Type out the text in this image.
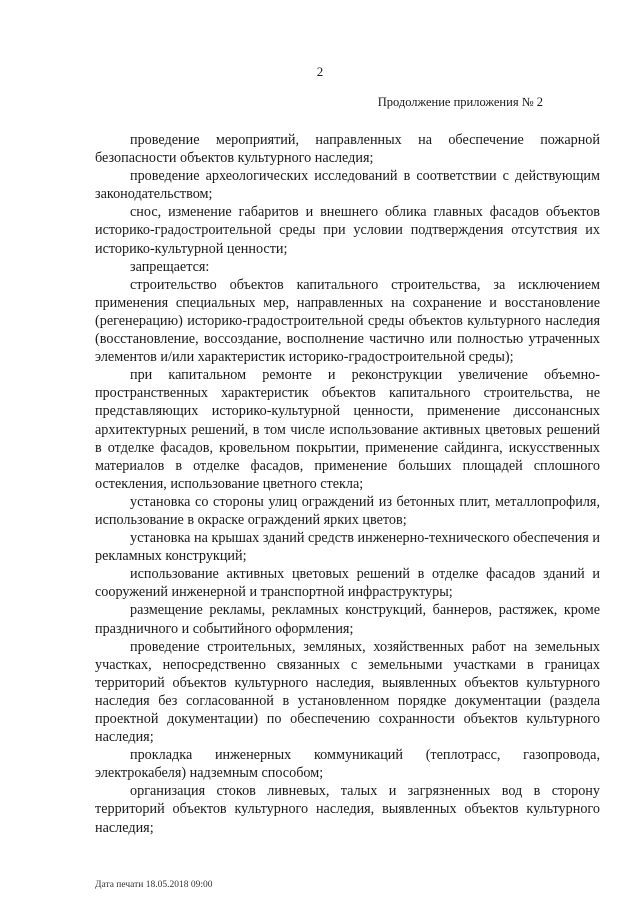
2
Продолжение приложения № 2

проведение мероприятий, направленных на обеспечение пожарной безопасности объектов культурного наследия;

проведение археологических исследований в соответствии с действующим законодательством;

снос, изменение габаритов и внешнего облика главных фасадов объектов историко-градостроительной среды при условии подтверждения отсутствия их историко-культурной ценности;

запрещается:

строительство объектов капитального строительства, за исключением применения специальных мер, направленных на сохранение и восстановление (регенерацию) историко-градостроительной среды объектов культурного наследия (восстановление, воссоздание, восполнение частично или полностью утраченных элементов и/или характеристик историко-градостроительной среды);

при капитальном ремонте и реконструкции увеличение объемно-пространственных характеристик объектов капитального строительства, не представляющих историко-культурной ценности, применение диссонансных архитектурных решений, в том числе использование активных цветовых решений в отделке фасадов, кровельном покрытии, применение сайдинга, искусственных материалов в отделке фасадов, применение больших площадей сплошного остекления, использование цветного стекла;

установка со стороны улиц ограждений из бетонных плит, металлопрофиля, использование в окраске ограждений ярких цветов;

установка на крышах зданий средств инженерно-технического обеспечения и рекламных конструкций;

использование активных цветовых решений в отделке фасадов зданий и сооружений инженерной и транспортной инфраструктуры;

размещение рекламы, рекламных конструкций, баннеров, растяжек, кроме праздничного и событийного оформления;

проведение строительных, земляных, хозяйственных работ на земельных участках, непосредственно связанных с земельными участками в границах территорий объектов культурного наследия, выявленных объектов культурного наследия без согласованной в установленном порядке документации (раздела проектной документации) по обеспечению сохранности объектов культурного наследия;

прокладка инженерных коммуникаций (теплотрасс, газопровода, электрокабеля) надземным способом;

организация стоков ливневых, талых и загрязненных вод в сторону территорий объектов культурного наследия, выявленных объектов культурного наследия;

Дата печати 18.05.2018 09:00
